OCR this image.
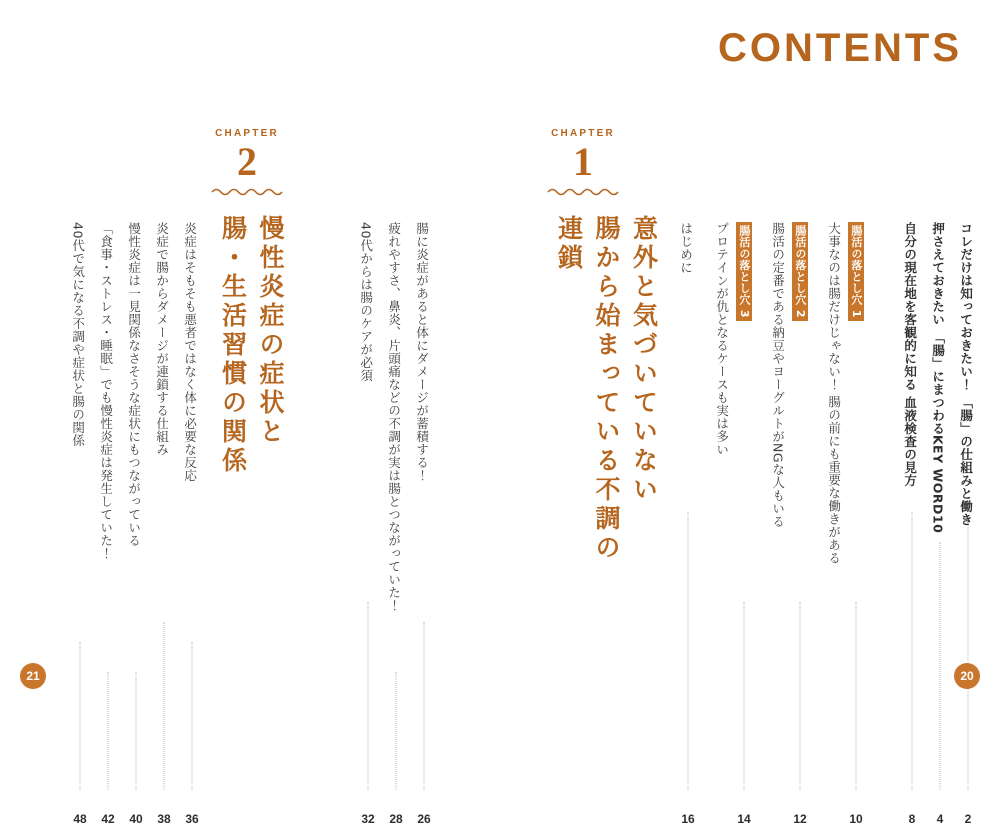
CONTENTS
CHAPTER
1
意外と気づいていない
腸から始まっている不調の連鎖	コレだけは知っておきたい！ 「腸」の仕組みと働き
2
押さえておきたい 「腸」にまつわるKEY WORD10
4
自分の現在地を客観的に知る 血液検査の見方
8
腸活の落とし穴 1
10
大事なのは腸だけじゃない！ 腸の前にも重要な働きがある
腸活の落とし穴 2
12
腸活の定番である納豆やヨーグルトがNGな人もいる
腸活の落とし穴 3
14
プロテインが仇となるケースも実は多い
はじめに
16
腸に炎症があると体にダメージが蓄積する！
26
疲れやすさ、鼻炎、片頭痛などの不調が実は腸とつながっていた！
28
40代からは腸のケアが必須
32
CHAPTER
2
慢性炎症の症状と
腸・生活習慣の関係
炎症はそもそも悪者ではなく体に必要な反応
36
炎症で腸からダメージが連鎖する仕組み
38
慢性炎症は一見関係なさそうな症状にもつながっている
40
「食事・ストレス・睡眠」でも慢性炎症は発生していた！
42
40代で気になる不調や症状と腸の関係
48
21	20
